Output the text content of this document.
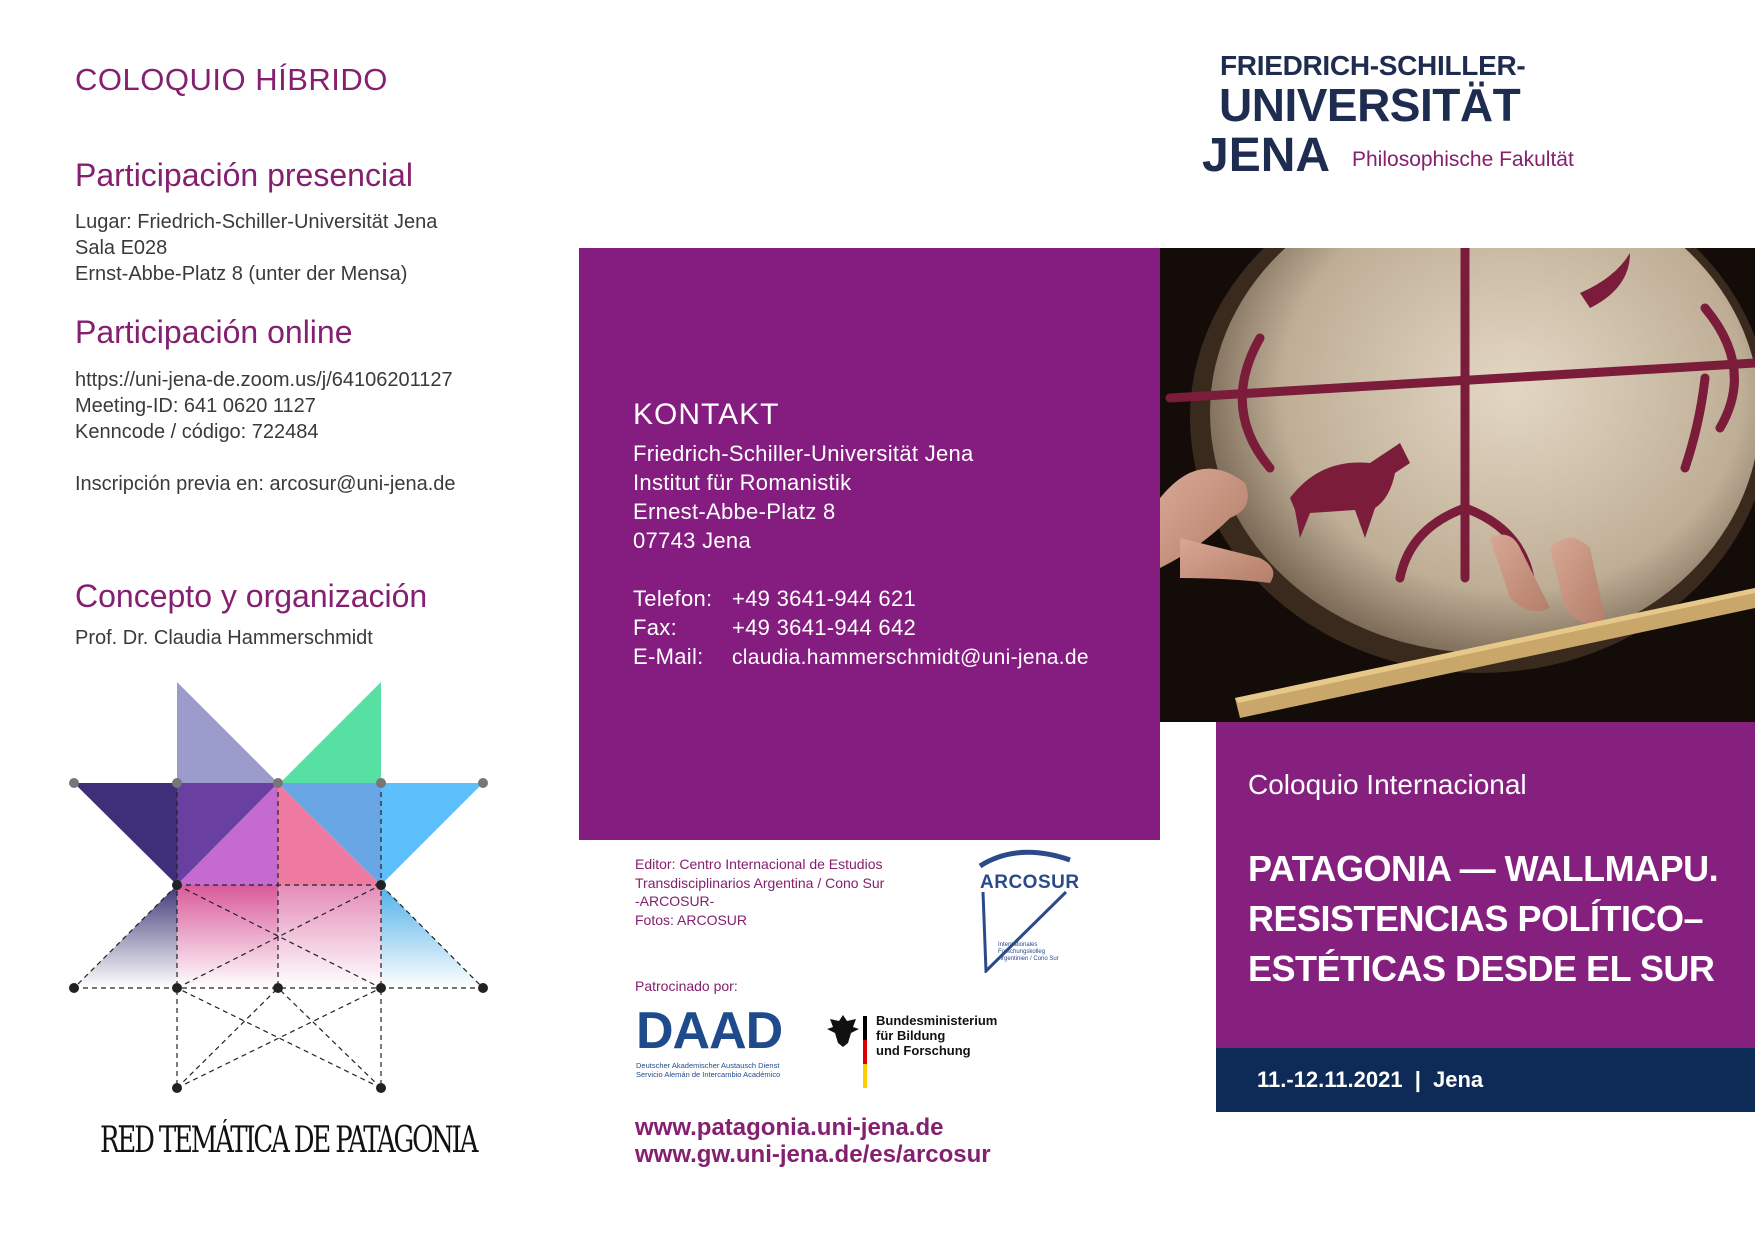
COLOQUIO HÍBRIDO
Participación presencial
Lugar: Friedrich-Schiller-Universität Jena
Sala E028
Ernst-Abbe-Platz 8 (unter der Mensa)
Participación online
https://uni-jena-de.zoom.us/j/64106201127
Meeting-ID: 641 0620 1127
Kenncode / código: 722484
Inscripción previa en: arcosur@uni-jena.de
Concepto y organización
Prof. Dr. Claudia Hammerschmidt
RED TEMÁTICA DE PATAGONIA
FRIEDRICH-SCHILLER-
UNIVERSITÄT
JENA Philosophische Fakultät
KONTAKT
Friedrich-Schiller-Universität Jena
Institut für Romanistik
Ernest-Abbe-Platz 8
07743 Jena
Telefon: +49 3641-944 621
Fax:	+49 3641-944 642
E-Mail: claudia.hammerschmidt@uni-jena.de
Editor: Centro Internacional de Estudios
Transdisciplinarios Argentina / Cono Sur
-ARCOSUR-
Fotos: ARCOSUR
ARCOSUR
Internationales
Forschungskolleg
Argentinien / Cono Sur
Patrocinado por:
DAAD
Deutscher Akademischer Austausch Dienst
Servicio Alemán de Intercambio Académico
Bundesministerium
für Bildung
und Forschung
www.patagonia.uni-jena.de
www.gw.uni-jena.de/es/arcosur
Coloquio Internacional
PATAGONIA — WALLMAPU.
RESISTENCIAS POLÍTICO–
ESTÉTICAS DESDE EL SUR
11.-12.11.2021 | Jena
